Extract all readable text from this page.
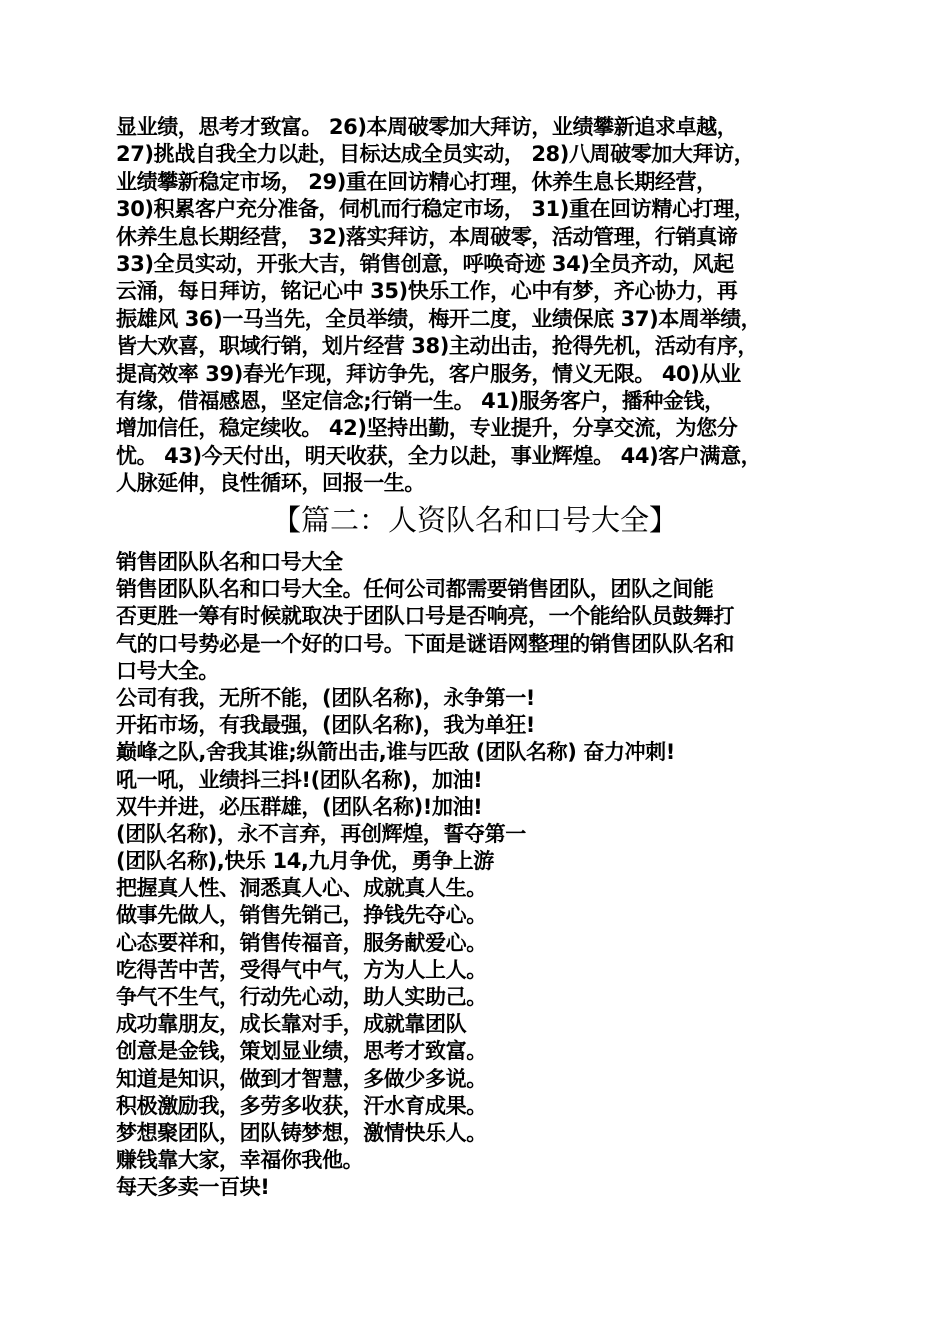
显业绩，思考才致富。 26)本周破零加大拜访，业绩攀新追求卓越，
27)挑战自我全力以赴，目标达成全员实动， 28)八周破零加大拜访，
业绩攀新稳定市场， 29)重在回访精心打理，休养生息长期经营，
30)积累客户充分准备，伺机而行稳定市场， 31)重在回访精心打理，
休养生息长期经营， 32)落实拜访，本周破零，活动管理，行销真谛
33)全员实动，开张大吉，销售创意，呼唤奇迹 34)全员齐动，风起
云涌，每日拜访，铭记心中 35)快乐工作，心中有梦，齐心协力，再
振雄风 36)一马当先，全员举绩，梅开二度，业绩保底 37)本周举绩，
皆大欢喜，职域行销，划片经营 38)主动出击，抢得先机，活动有序，
提高效率 39)春光乍现，拜访争先，客户服务，情义无限。 40)从业
有缘，借福感恩，坚定信念;行销一生。 41)服务客户，播种金钱，
增加信任，稳定续收。 42)坚持出勤，专业提升，分享交流，为您分
忧。 43)今天付出，明天收获，全力以赴，事业辉煌。 44)客户满意，
人脉延伸，良性循环，回报一生。
【篇二：人资队名和口号大全】
销售团队队名和口号大全
销售团队队名和口号大全。任何公司都需要销售团队，团队之间能
否更胜一筹有时候就取决于团队口号是否响亮，一个能给队员鼓舞打
气的口号势必是一个好的口号。下面是谜语网整理的销售团队队名和
口号大全。
公司有我，无所不能，(团队名称)，永争第一!
开拓市场，有我最强，(团队名称)，我为单狂!
巅峰之队,舍我其谁;纵箭出击,谁与匹敌 (团队名称) 奋力冲刺!
吼一吼，业绩抖三抖!(团队名称)，加油!
双牛并进，必压群雄，(团队名称)!加油!
(团队名称)，永不言弃，再创辉煌，誓夺第一
(团队名称),快乐 14,九月争优，勇争上游
把握真人性、洞悉真人心、成就真人生。
做事先做人，销售先销己，挣钱先夺心。
心态要祥和，销售传福音，服务献爱心。
吃得苦中苦，受得气中气，方为人上人。
争气不生气，行动先心动，助人实助己。
成功靠朋友，成长靠对手，成就靠团队
创意是金钱，策划显业绩，思考才致富。
知道是知识，做到才智慧，多做少多说。
积极激励我，多劳多收获，汗水育成果。
梦想聚团队，团队铸梦想，激情快乐人。
赚钱靠大家，幸福你我他。
每天多卖一百块!
